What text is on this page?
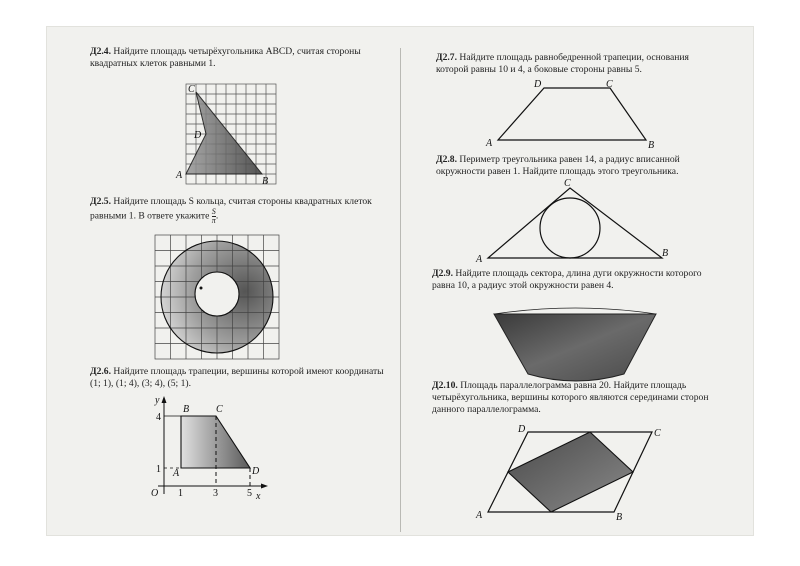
Д2.4. Найдите площадь четырёхугольника ABCD, считая стороны квадратных клеток равными 1.
C
D
A
B
Д2.5. Найдите площадь S кольца, считая стороны квадратных клеток равными 1. В ответе укажите $\frac{S}{\pi}$ .
Д2.6. Найдите площадь трапеции, вершины которой имеют координаты (1; 1), (1; 4), (3; 4), (5; 1).
y
x
O
4
1
1	3	5
B	C
A	D
Д2.7. Найдите площадь равнобедренной трапеции, основания которой равны 10 и 4, а боковые стороны равны 5.
D	C
A	B
Д2.8. Периметр треугольника равен 14, а радиус вписанной окружности равен 1. Найдите площадь этого треугольника.
C
A
B
Д2.9. Найдите площадь сектора, длина дуги окружности которого равна 10, а радиус этой окружности равен 4.
Д2.10. Площадь параллелограмма равна 20. Найдите площадь четырёхугольника, вершины которого являются серединами сторон данного параллелограмма.
D	C
A	B
